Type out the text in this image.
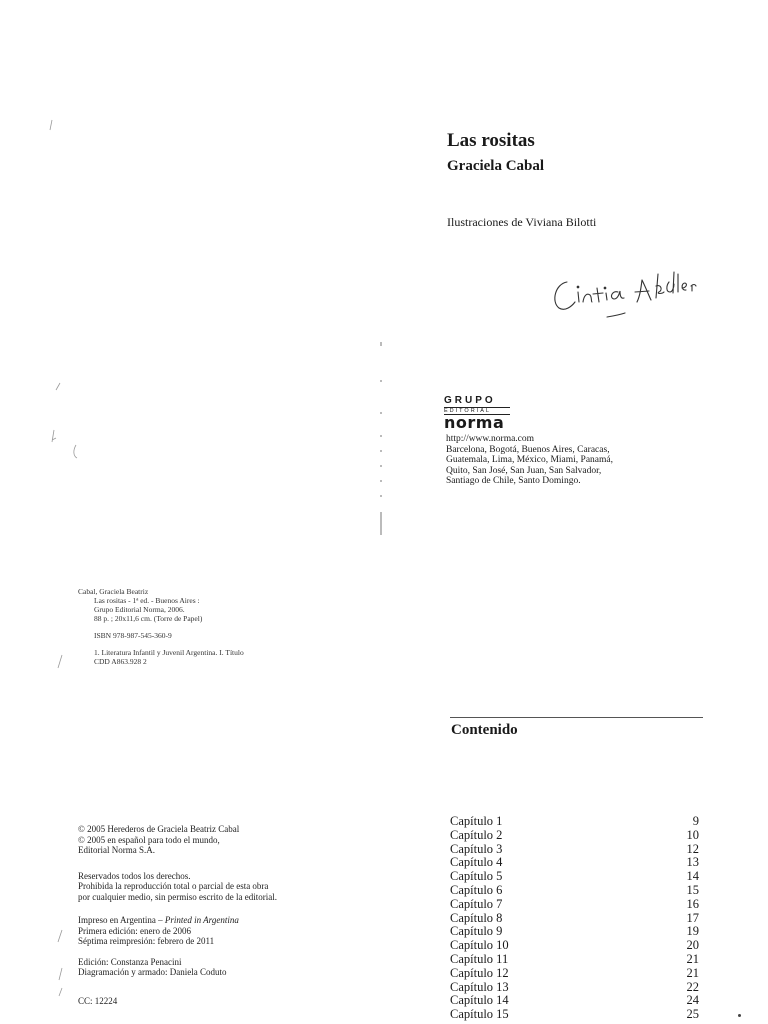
Las rositas
Graciela Cabal
Ilustraciones de Viviana Bilotti
GRUPO
EDITORIAL
norma
http://www.norma.com
Barcelona, Bogotá, Buenos Aires, Caracas,
Guatemala, Lima, México, Miami, Panamá,
Quito, San José, San Juan, San Salvador,
Santiago de Chile, Santo Domingo.
Contenido
Capítulo 1	9
Capítulo 2	10
Capítulo 3	12
Capítulo 4	13
Capítulo 5	14
Capítulo 6	15
Capítulo 7	16
Capítulo 8	17
Capítulo 9	19
Capítulo 10	20
Capítulo 11	21
Capítulo 12	21
Capítulo 13	22
Capítulo 14	24
Capítulo 15	25
Cabal, Graciela Beatriz
Las rositas - 1ª ed. - Buenos Aires :
Grupo Editorial Norma, 2006.
88 p. ; 20x11,6 cm. (Torre de Papel)
ISBN 978-987-545-360-9
1. Literatura Infantil y Juvenil Argentina. I. Título
CDD A863.928 2
© 2005 Herederos de Graciela Beatriz Cabal
© 2005 en español para todo el mundo,
Editorial Norma S.A.
Reservados todos los derechos.
Prohibida la reproducción total o parcial de esta obra
por cualquier medio, sin permiso escrito de la editorial.
Impreso en Argentina – Printed in Argentina
Primera edición: enero de 2006
Séptima reimpresión: febrero de 2011
Edición: Constanza Penacini
Diagramación y armado: Daniela Coduto
CC: 12224
